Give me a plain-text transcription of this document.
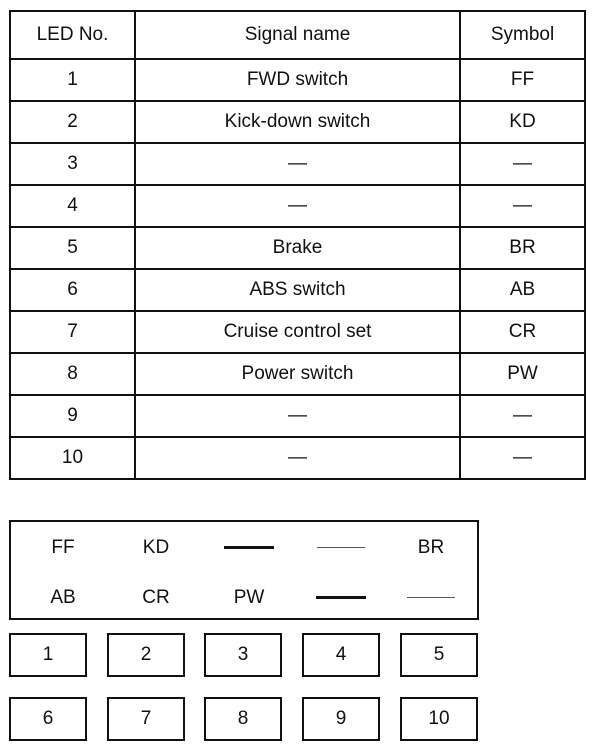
LED No.	Signal name	Symbol
1	FWD switch	FF
2	Kick-down switch	KD
3	—	—
4	—	—
5	Brake	BR
6	ABS switch	AB
7	Cruise control set	CR
8	Power switch	PW
9	—	—
10	—	—
FF	KD	BR
AB	CR	PW
1	2	3	4	5
6	7	8	9	10
